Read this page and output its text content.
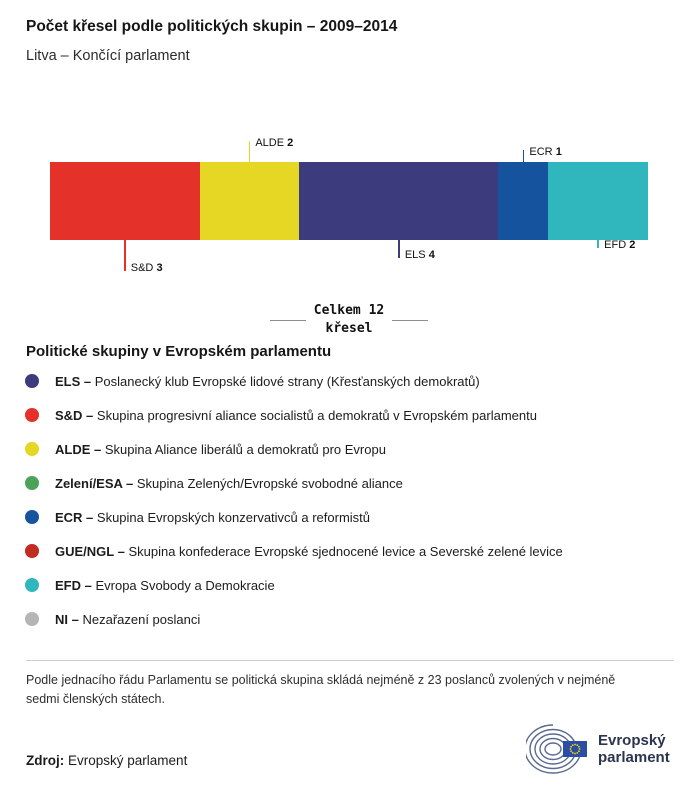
Počet křesel podle politických skupin – 2009–2014
Litva – Končící parlament
S&D 3
ALDE 2
ELS 4
ECR 1
EFD 2
Celkem 12
křesel
Politické skupiny v Evropském parlamentu
ELS – Poslanecký klub Evropské lidové strany (Křesťanských demokratů)
S&D – Skupina progresivní aliance socialistů a demokratů v Evropském parlamentu
ALDE – Skupina Aliance liberálů a demokratů pro Evropu
Zelení/ESA – Skupina Zelených/Evropské svobodné aliance
ECR – Skupina Evropských konzervativců a reformistů
GUE/NGL – Skupina konfederace Evropské sjednocené levice a Severské zelené levice
EFD – Evropa Svobody a Demokracie
NI – Nezařazení poslanci

Podle jednacího řádu Parlamentu se politická skupina skládá nejméně z 23 poslanců zvolených v nejméně sedmi členských státech.

Zdroj: Evropský parlament
Evropský
parlament
